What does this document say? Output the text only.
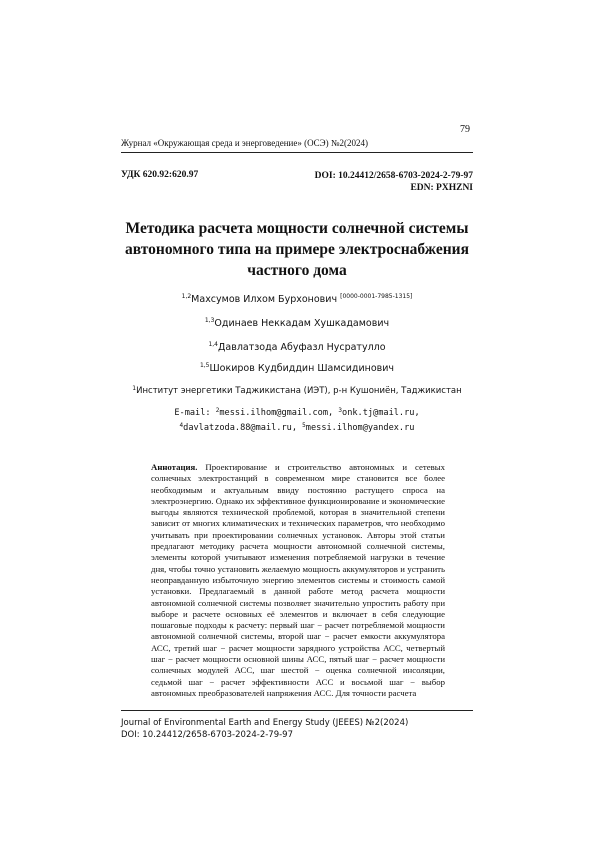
79
Журнал «Окружающая среда и энерговедение» (ОСЭ) №2(2024)
УДК 620.92:620.97	DOI: 10.24412/2658-6703-2024-2-79-97
EDN: PXHZNI
Методика расчета мощности солнечной системы автономного типа на примере электроснабжения частного дома
$^{1,2}$Махсумов Илхом Бурхонович [0000-0001-7985-1315]
$^{1,3}$Одинаев Неккадам Хушкадамович
$^{1,4}$Давлатзода Абуфазл Нусратулло
$^{1,5}$Шокиров Кудбиддин Шамсидинович
$^1$Институт энергетики Таджикистана (ИЭТ), р-н Кушониён, Таджикистан
E-mail: $^2$messi.ilhom@gmail.com, $^3$onk.tj@mail.ru,
$^4$davlatzoda.88@mail.ru, $^5$messi.ilhom@yandex.ru
Аннотация. Проектирование и строительство автономных и сетевых солнечных электростанций в современном мире становится все более необходимым и актуальным ввиду постоянно растущего спроса на электроэнергию. Однако их эффективное функционирование и экономические выгоды являются технической проблемой, которая в значительной степени зависит от многих климатических и технических параметров, что необходимо учитывать при проектировании солнечных установок. Авторы этой статьи предлагают методику расчета мощности автономной солнечной системы, элементы которой учитывают изменения потребляемой нагрузки в течение дня, чтобы точно установить желаемую мощность аккумуляторов и устранить неоправданную избыточную энергию элементов системы и стоимость самой установки. Предлагаемый в данной работе метод расчета мощности автономной солнечной системы позволяет значительно упростить работу при выборе и расчете основных её элементов и включает в себя следующие пошаговые подходы к расчету: первый шаг − расчет потребляемой мощности автономной солнечной системы, второй шаг − расчет емкости аккумулятора АСС, третий шаг − расчет мощности зарядного устройства АСС, четвертый шаг − расчет мощности основной шины АСС, пятый шаг − расчет мощности солнечных модулей АСС, шаг шестой − оценка солнечной инсоляции, седьмой шаг − расчет эффективности АСС и восьмой шаг − выбор автономных преобразователей напряжения АСС. Для точности расчета
Journal of Environmental Earth and Energy Study (JEEES) №2(2024)
DOI: 10.24412/2658-6703-2024-2-79-97
